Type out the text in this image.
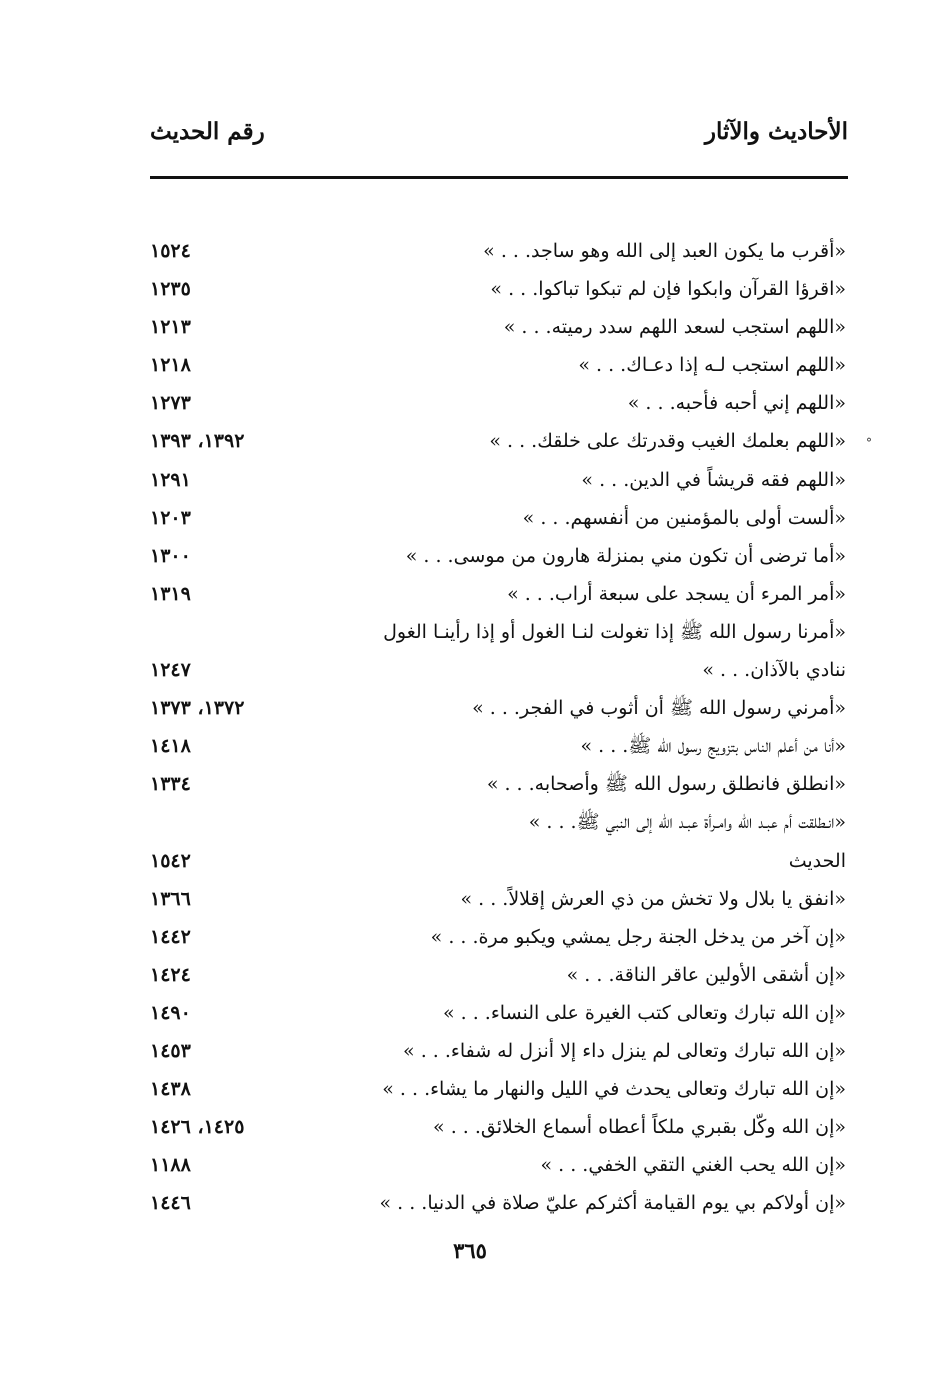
الأحاديث والآثار
رقم الحديث
°
«أقرب ما يكون العبد إلى الله وهو ساجد. . . »
١٥٢٤
«اقرؤا القرآن وابكوا فإن لم تبكوا تباكوا. . . »
١٢٣٥
«اللهم استجب لسعد اللهم سدد رميته. . . »
١٢١٣
«اللهم استجب لـه إذا دعـاك. . . »
١٢١٨
«اللهم إني أحبه فأحبه. . . »
١٢٧٣
«اللهم بعلمك الغيب وقدرتك على خلقك. . . »
١٣٩٢، ١٣٩٣
«اللهم فقه قريشاً في الدين. . . »
١٢٩١
«ألست أولى بالمؤمنين من أنفسهم. . . »
١٢٠٣
«أما ترضى أن تكون مني بمنزلة هارون من موسى. . . »
١٣٠٠
«أمر المرء أن يسجد على سبعة أراب. . . »
١٣١٩
«أمرنا رسول الله ﷺ إذا تغولت لنـا الغول أو إذا رأينـا الغول
ننادي بالآذان. . . »
١٢٤٧
«أمرني رسول الله ﷺ أن أثوب في الفجر. . . »
١٣٧٢، ١٣٧٣
«أنا من أعلم الناس بتزويج رسول الله ﷺ. . . »
١٤١٨
«انطلق فانطلق رسول الله ﷺ وأصحابه. . . »
١٣٣٤
«انـطلقت أم عبـد الله وامـرأة عبـد الله إلى النبي ﷺ. . . »
الحديث
١٥٤٢
«انفق يا بلال ولا تخش من ذي العرش إقلالاً. . . »
١٣٦٦
«إن آخر من يدخل الجنة رجل يمشي ويكبو مرة. . . »
١٤٤٢
«إن أشقى الأولين عاقر الناقة. . . »
١٤٢٤
«إن الله تبارك وتعالى كتب الغيرة على النساء. . . »
١٤٩٠
«إن الله تبارك وتعالى لم ينزل داء إلا أنزل له شفاء. . . »
١٤٥٣
«إن الله تبارك وتعالى يحدث في الليل والنهار ما يشاء. . . »
١٤٣٨
«إن الله وكّل بقبري ملكاً أعطاه أسماع الخلائق. . . »
١٤٢٥، ١٤٢٦
«إن الله يحب الغني التقي الخفي. . . »
١١٨٨
«إن أولاكم بي يوم القيامة أكثركم عليّ صلاة في الدنيا. . . »
١٤٤٦
٣٦٥
